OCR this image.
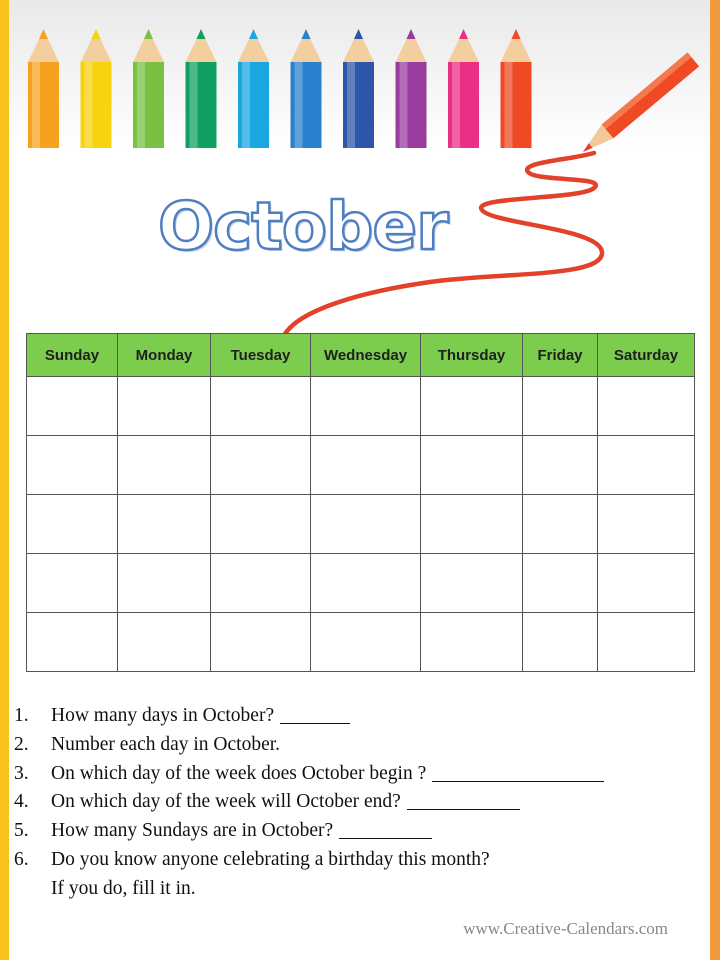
October
Sunday	Monday	Tuesday	Wednesday	Thursday	Friday	Saturday

1. How many days in October?
2. Number each day in October.
3. On which day of the week does October begin ?
4. On which day of the week will October end?
5. How many Sundays are in October?
6. Do you know anyone celebrating a birthday this month?
If you do, fill it in.
www.Creative-Calendars.com
